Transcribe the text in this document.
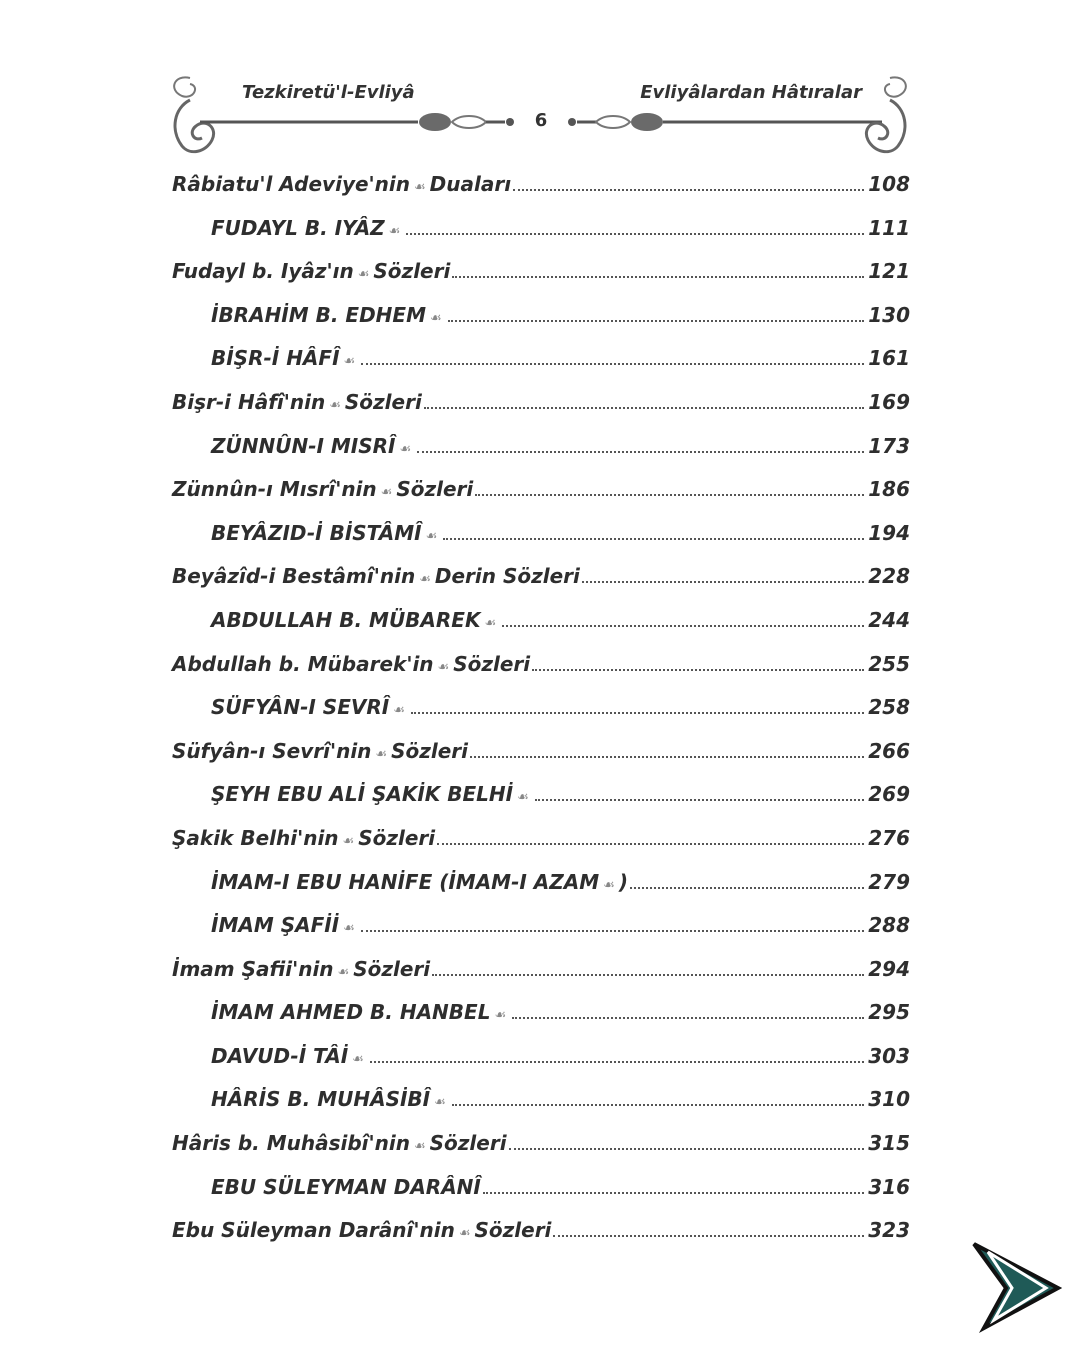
Tezkiretü'l-Evliyâ
6
Evliyâlardan Hâtıralar
Râbiatu'l Adeviye'nin ☙ Duaları	108
FUDAYL B. IYÂZ ☙	111
Fudayl b. Iyâz'ın ☙ Sözleri	121
İBRAHİM B. EDHEM ☙	130
BİŞR-İ HÂFÎ ☙	161
Bişr-i Hâfî'nin ☙ Sözleri	169
ZÜNNÛN-I MISRÎ ☙	173
Zünnûn-ı Mısrî'nin ☙ Sözleri	186
BEYÂZID-İ BİSTÂMÎ ☙	194
Beyâzîd-i Bestâmî'nin ☙ Derin Sözleri	228
ABDULLAH B. MÜBAREK ☙	244
Abdullah b. Mübarek'in ☙ Sözleri	255
SÜFYÂN-I SEVRÎ ☙	258
Süfyân-ı Sevrî'nin ☙ Sözleri	266
ŞEYH EBU ALİ ŞAKİK BELHİ ☙	269
Şakik Belhi'nin ☙ Sözleri	276
İMAM-I EBU HANİFE (İMAM-I AZAM ☙ )	279
İMAM ŞAFİİ ☙	288
İmam Şafii'nin ☙ Sözleri	294
İMAM AHMED B. HANBEL ☙	295
DAVUD-İ TÂİ ☙	303
HÂRİS B. MUHÂSİBÎ ☙	310
Hâris b. Muhâsibî'nin ☙ Sözleri	315
EBU SÜLEYMAN DARÂNÎ	316
Ebu Süleyman Darânî'nin ☙ Sözleri	323
